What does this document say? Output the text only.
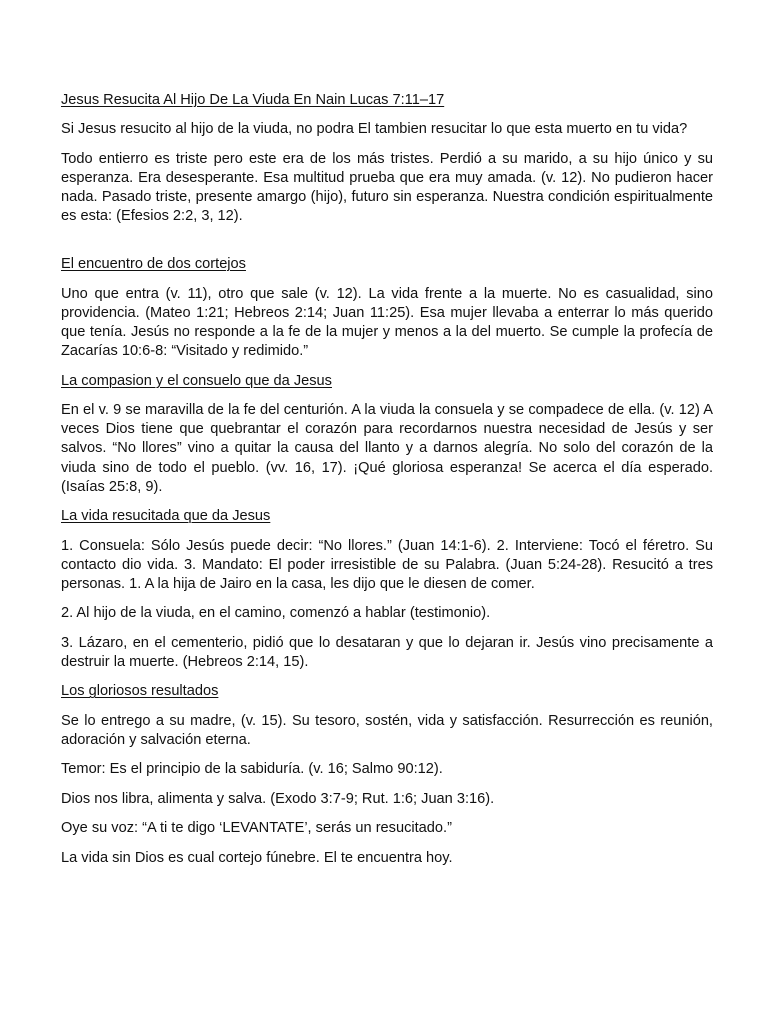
Jesus Resucita Al Hijo De La Viuda En Nain Lucas 7:11–17

Si Jesus resucito al hijo de la viuda, no podra El tambien resucitar lo que esta muerto en tu vida?

Todo entierro es triste pero este era de los más tristes. Perdió a su marido, a su hijo único y su esperanza. Era desesperante. Esa multitud prueba que era muy amada. (v. 12). No pudieron hacer nada. Pasado triste, presente amargo (hijo), futuro sin esperanza. Nuestra condición espiritualmente es esta: (Efesios 2:2, 3, 12).

El encuentro de dos cortejos

Uno que entra (v. 11), otro que sale (v. 12). La vida frente a la muerte. No es casualidad, sino providencia. (Mateo 1:21; Hebreos 2:14; Juan 11:25). Esa mujer llevaba a enterrar lo más querido que tenía. Jesús no responde a la fe de la mujer y menos a la del muerto. Se cumple la profecía de Zacarías 10:6-8: “Visitado y redimido.”

La compasion y el consuelo que da Jesus

En el v. 9 se maravilla de la fe del centurión. A la viuda la consuela y se compadece de ella. (v. 12) A veces Dios tiene que quebrantar el corazón para recordarnos nuestra necesidad de Jesús y ser salvos. “No llores” vino a quitar la causa del llanto y a darnos alegría. No solo del corazón de la viuda sino de todo el pueblo. (vv. 16, 17). ¡Qué gloriosa esperanza! Se acerca el día esperado. (Isaías 25:8, 9).

La vida resucitada que da Jesus

1. Consuela: Sólo Jesús puede decir: “No llores.” (Juan 14:1-6). 2. Interviene: Tocó el féretro. Su contacto dio vida. 3. Mandato: El poder irresistible de su Palabra. (Juan 5:24-28). Resucitó a tres personas. 1. A la hija de Jairo en la casa, les dijo que le diesen de comer.

2. Al hijo de la viuda, en el camino, comenzó a hablar (testimonio).

3. Lázaro, en el cementerio, pidió que lo desataran y que lo dejaran ir. Jesús vino precisamente a destruir la muerte. (Hebreos 2:14, 15).

Los gloriosos resultados

Se lo entrego a su madre, (v. 15). Su tesoro, sostén, vida y satisfacción. Resurrección es reunión, adoración y salvación eterna.

Temor: Es el principio de la sabiduría. (v. 16; Salmo 90:12).

Dios nos libra, alimenta y salva. (Exodo 3:7-9; Rut. 1:6; Juan 3:16).

Oye su voz: “A ti te digo ‘LEVANTATE’, serás un resucitado.”

La vida sin Dios es cual cortejo fúnebre. El te encuentra hoy.
